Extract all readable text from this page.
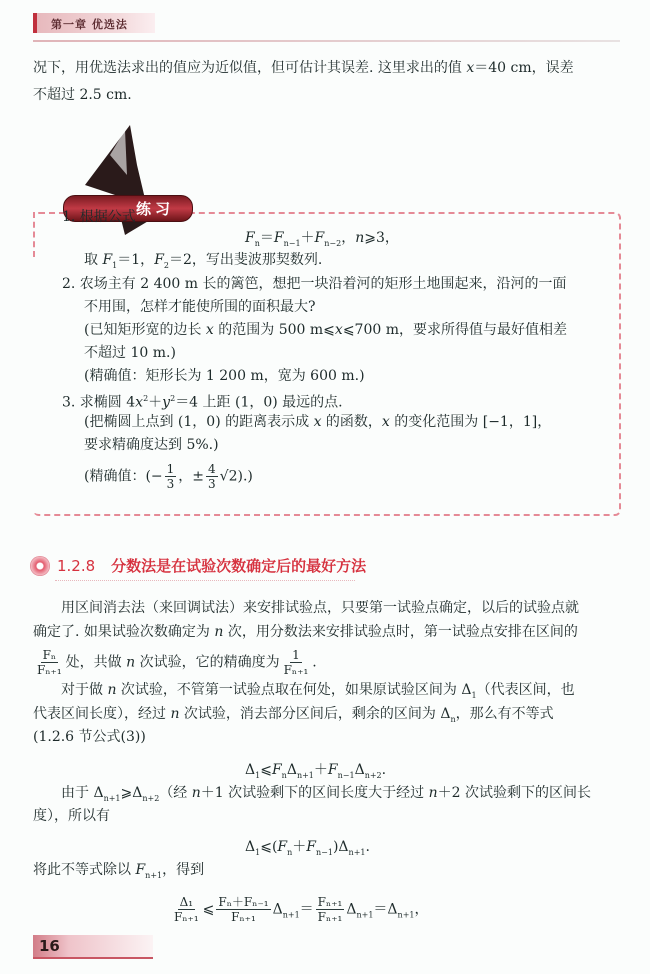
第一章 优选法
况下，用优选法求出的值应为近似值，但可估计其误差. 这里求出的值 x＝40 cm，误差
不超过 2.5 cm.
练习
1. 根据公式
$F_n=F_{n-1}+F_{n-2}$，n⩾3，
取 $F_1=1$，$F_2=2$，写出斐波那契数列.
2. 农场主有 2 400 m 长的篱笆，想把一块沿着河的矩形土地围起来，沿河的一面
不用围，怎样才能使所围的面积最大?
(已知矩形宽的边长 x 的范围为 500 m⩽x⩽700 m，要求所得值与最好值相差
不超过 10 m.)
(精确值：矩形长为 1 200 m，宽为 600 m.)
3. 求椭圆 $4x^2+y^2=4$ 上距 (1，0) 最远的点.
(把椭圆上点到 (1，0) 的距离表示成 x 的函数，x 的变化范围为 [−1，1]，
要求精确度达到 5%.)
(精确值：(− $\frac{1}{3}$ ，± $\frac{4}{3} √2$).)
1.2.8 分数法是在试验次数确定后的最好方法
　　用区间消去法（来回调试法）来安排试验点，只要第一试验点确定，以后的试验点就
确定了. 如果试验次数确定为 n 次，用分数法来安排试验点时，第一试验点安排在区间的
$\frac{\text{Fₙ}}{\text{Fₙ₊₁}}$ 处，共做 n 次试验，它的精确度为 $\frac{1}{\text{Fₙ₊₁}}$ .
　　对于做 n 次试验，不管第一试验点取在何处，如果原试验区间为 $\Delta_1$（代表区间，也
代表区间长度），经过 n 次试验，消去部分区间后，剩余的区间为 $\Delta_n$，那么有不等式
(1.2.6 节公式(3))
$\Delta_1⩽F_n\Delta_{n+1}+F_{n-1}\Delta_{n+2}$.
　　由于 $\Delta_{n+1}⩾\Delta_{n+2}$（经 n＋1 次试验剩下的区间长度大于经过 n＋2 次试验剩下的区间长
度），所以有
$\Delta_1⩽(F_n+F_{n-1})\Delta_{n+1}$.
将此不等式除以 $F_{n+1}$，得到
$\frac{\text{Δ₁}}{\text{Fₙ₊₁}}$ ⩽ $\frac{\text{Fₙ＋Fₙ₋₁}}{\text{Fₙ₊₁}} \Delta_{n+1}= \frac{\text{Fₙ₊₁}}{\text{Fₙ₊₁}} \Delta_{n+1}=\Delta_{n+1}$，
16
